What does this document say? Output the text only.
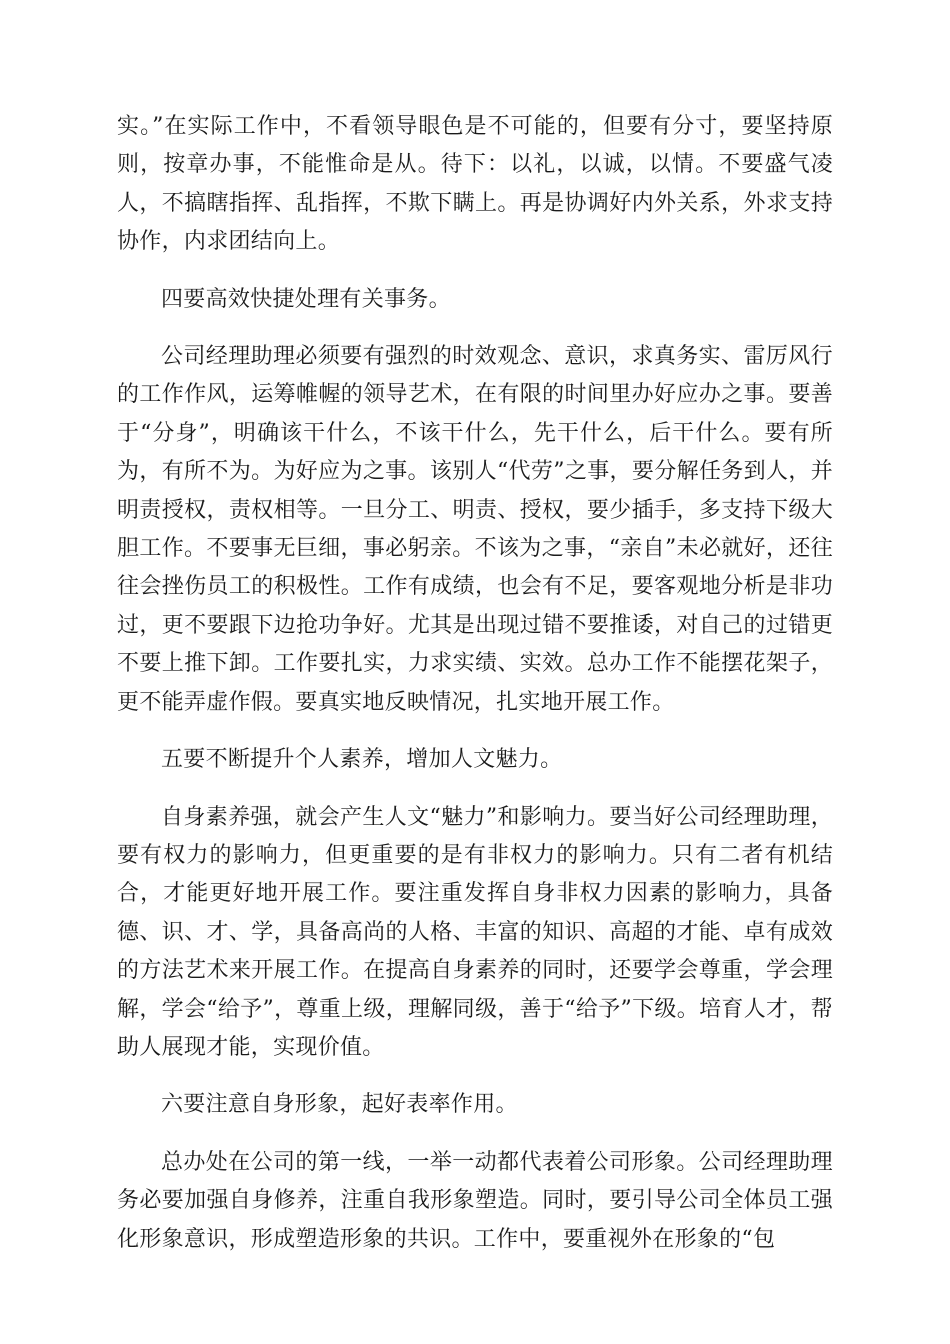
实。”在实际工作中，不看领导眼色是不可能的，但要有分寸，要坚持原则，按章办事，不能惟命是从。待下：以礼，以诚，以情。不要盛气凌人，不搞瞎指挥、乱指挥，不欺下瞒上。再是协调好内外关系，外求支持协作，内求团结向上。

四要高效快捷处理有关事务。

公司经理助理必须要有强烈的时效观念、意识，求真务实、雷厉风行的工作作风，运筹帷幄的领导艺术，在有限的时间里办好应办之事。要善于“分身”，明确该干什么，不该干什么，先干什么，后干什么。要有所为，有所不为。为好应为之事。该别人“代劳”之事，要分解任务到人，并明责授权，责权相等。一旦分工、明责、授权，要少插手，多支持下级大胆工作。不要事无巨细，事必躬亲。不该为之事，“亲自”未必就好，还往往会挫伤员工的积极性。工作有成绩，也会有不足，要客观地分析是非功过，更不要跟下边抢功争好。尤其是出现过错不要推诿，对自己的过错更不要上推下卸。工作要扎实，力求实绩、实效。总办工作不能摆花架子，更不能弄虚作假。要真实地反映情况，扎实地开展工作。

五要不断提升个人素养，增加人文魅力。

自身素养强，就会产生人文“魅力”和影响力。要当好公司经理助理，要有权力的影响力，但更重要的是有非权力的影响力。只有二者有机结合，才能更好地开展工作。要注重发挥自身非权力因素的影响力，具备德、识、才、学，具备高尚的人格、丰富的知识、高超的才能、卓有成效的方法艺术来开展工作。在提高自身素养的同时，还要学会尊重，学会理解，学会“给予”，尊重上级，理解同级，善于“给予”下级。培育人才，帮助人展现才能，实现价值。

六要注意自身形象，起好表率作用。

总办处在公司的第一线，一举一动都代表着公司形象。公司经理助理务必要加强自身修养，注重自我形象塑造。同时，要引导公司全体员工强化形象意识，形成塑造形象的共识。工作中，要重视外在形象的“包
